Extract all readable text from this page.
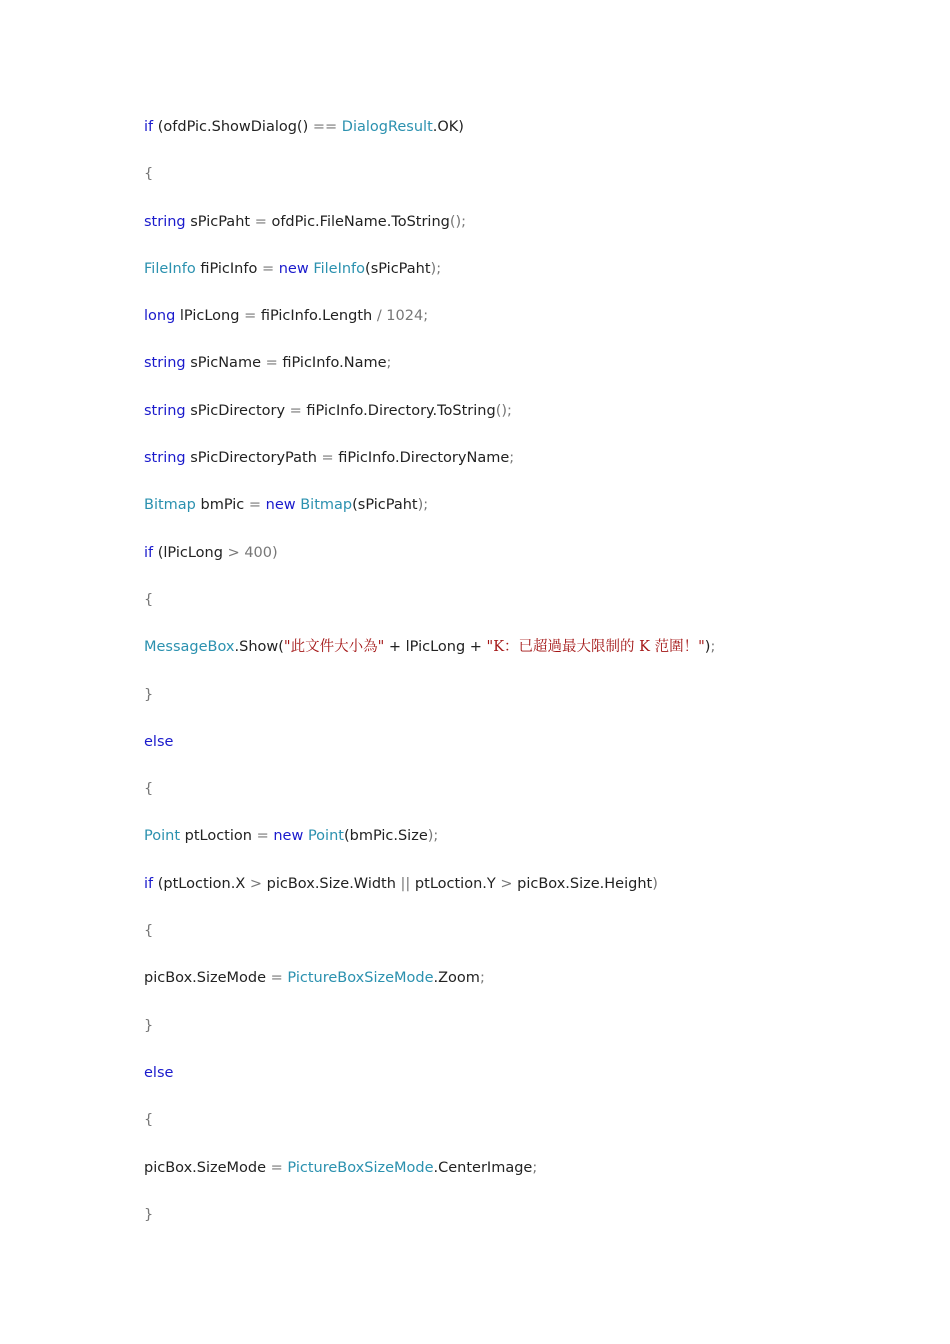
if (ofdPic.ShowDialog() == DialogResult.OK)
{
string sPicPaht = ofdPic.FileName.ToString();
FileInfo fiPicInfo = new FileInfo(sPicPaht);
long lPicLong = fiPicInfo.Length / 1024;
string sPicName = fiPicInfo.Name;
string sPicDirectory = fiPicInfo.Directory.ToString();
string sPicDirectoryPath = fiPicInfo.DirectoryName;
Bitmap bmPic = new Bitmap(sPicPaht);
if (lPicLong > 400)
{
MessageBox.Show("此文件大小為" + lPicLong + "K：已超過最大限制的 K 范圍！");
}
else
{
Point ptLoction = new Point(bmPic.Size);
if (ptLoction.X > picBox.Size.Width || ptLoction.Y > picBox.Size.Height)
{
picBox.SizeMode = PictureBoxSizeMode.Zoom;
}
else
{
picBox.SizeMode = PictureBoxSizeMode.CenterImage;
}
